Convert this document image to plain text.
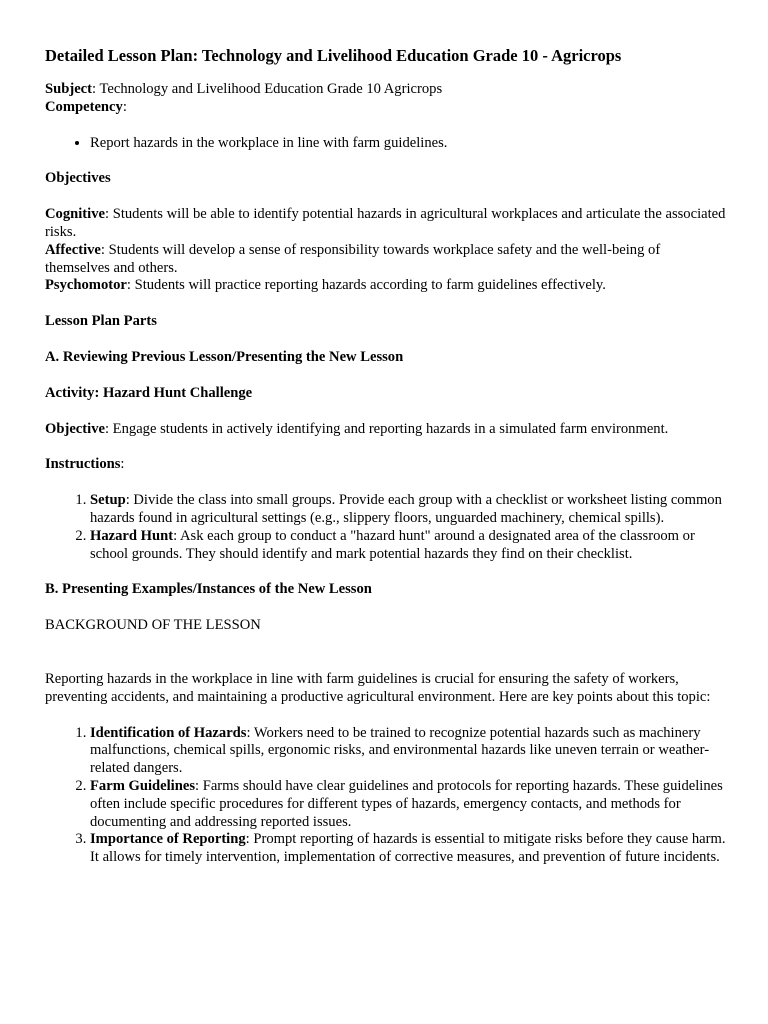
Detailed Lesson Plan: Technology and Livelihood Education Grade 10 - Agricrops

Subject: Technology and Livelihood Education Grade 10 Agricrops

Competency:

• Report hazards in the workplace in line with farm guidelines.

Objectives

Cognitive: Students will be able to identify potential hazards in agricultural workplaces and articulate the associated risks.

Affective: Students will develop a sense of responsibility towards workplace safety and the well-being of themselves and others.

Psychomotor: Students will practice reporting hazards according to farm guidelines effectively.

Lesson Plan Parts

A. Reviewing Previous Lesson/Presenting the New Lesson

Activity: Hazard Hunt Challenge

Objective: Engage students in actively identifying and reporting hazards in a simulated farm environment.

Instructions:

1. Setup: Divide the class into small groups. Provide each group with a checklist or worksheet listing common hazards found in agricultural settings (e.g., slippery floors, unguarded machinery, chemical spills).
2. Hazard Hunt: Ask each group to conduct a "hazard hunt" around a designated area of the classroom or school grounds. They should identify and mark potential hazards they find on their checklist.

B. Presenting Examples/Instances of the New Lesson

BACKGROUND OF THE LESSON

Reporting hazards in the workplace in line with farm guidelines is crucial for ensuring the safety of workers, preventing accidents, and maintaining a productive agricultural environment. Here are key points about this topic:

1. Identification of Hazards: Workers need to be trained to recognize potential hazards such as machinery malfunctions, chemical spills, ergonomic risks, and environmental hazards like uneven terrain or weather-related dangers.
2. Farm Guidelines: Farms should have clear guidelines and protocols for reporting hazards. These guidelines often include specific procedures for different types of hazards, emergency contacts, and methods for documenting and addressing reported issues.
3. Importance of Reporting: Prompt reporting of hazards is essential to mitigate risks before they cause harm. It allows for timely intervention, implementation of corrective measures, and prevention of future incidents.
